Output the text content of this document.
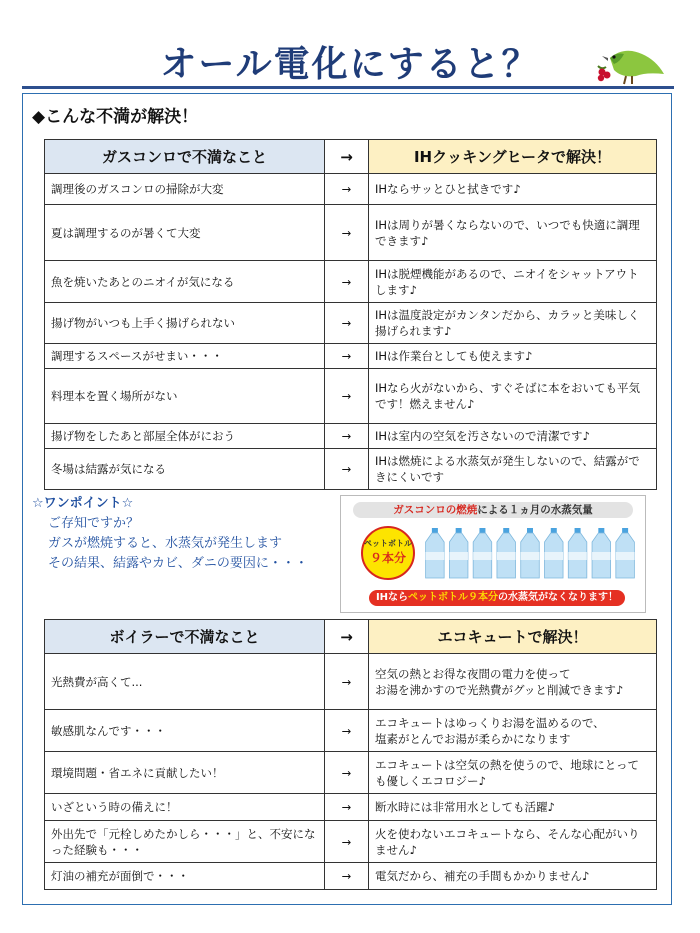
オール電化にすると？
◆こんな不満が解決！
ガスコンロで不満なこと	→	IHクッキングヒータで解決！
調理後のガスコンロの掃除が大変	→	IHならサッとひと拭きです♪
夏は調理するのが暑くて大変	→	IHは周りが暑くならないので、いつでも快適に調理できます♪
魚を焼いたあとのニオイが気になる	→	IHは脱煙機能があるので、ニオイをシャットアウトします♪
揚げ物がいつも上手く揚げられない	→	IHは温度設定がカンタンだから、カラッと美味しく揚げられます♪
調理するスペースがせまい・・・	→	IHは作業台としても使えます♪
料理本を置く場所がない	→	IHなら火がないから、すぐそばに本をおいても平気です！燃えません♪
揚げ物をしたあと部屋全体がにおう	→	IHは室内の空気を汚さないので清潔です♪
冬場は結露が気になる	→	IHは燃焼による水蒸気が発生しないので、結露ができにくいです
☆ワンポイント☆
ご存知ですか？
ガスが燃焼すると、水蒸気が発生します
その結果、結露やカビ、ダニの要因に・・・
ガスコンロの燃焼による１ヵ月の水蒸気量
ペットボトル
９本分
IHならペットボトル９本分の水蒸気がなくなります！
ボイラーで不満なこと	→	エコキュートで解決！
光熱費が高くて...	→	空気の熱とお得な夜間の電力を使って
お湯を沸かすので光熱費がグッと削減できます♪

敏感肌なんです・・・	→	エコキュートはゆっくりお湯を温めるので、
塩素がとんでお湯が柔らかになります

環境問題・省エネに貢献したい！	→	エコキュートは空気の熱を使うので、地球にとっても優しくエコロジー♪

いざという時の備えに！	→	断水時には非常用水としても活躍♪

外出先で「元栓しめたかしら・・・」と、不安になった経験も・・・	→	火を使わないエコキュートなら、そんな心配がいりません♪

灯油の補充が面倒で・・・	→	電気だから、補充の手間もかかりません♪
